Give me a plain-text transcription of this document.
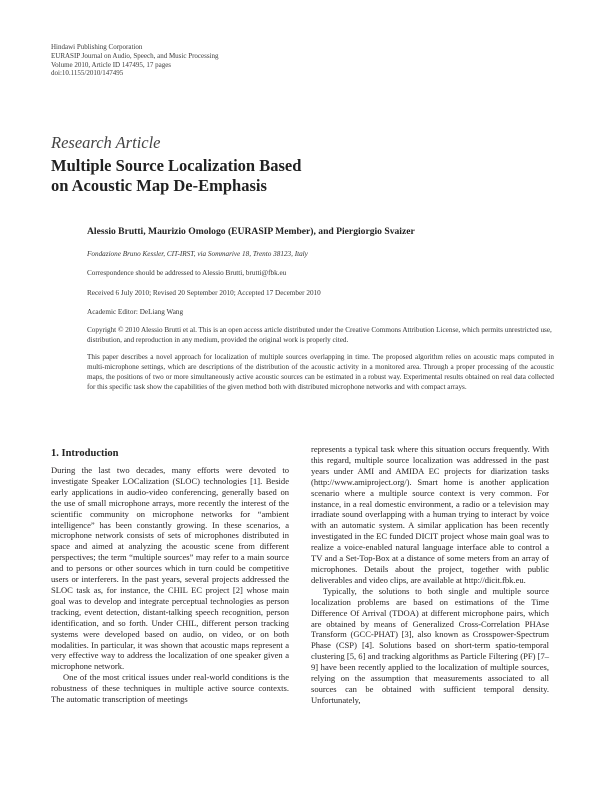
Hindawi Publishing Corporation
EURASIP Journal on Audio, Speech, and Music Processing
Volume 2010, Article ID 147495, 17 pages
doi:10.1155/2010/147495
Research Article
Multiple Source Localization Based
on Acoustic Map De-Emphasis
Alessio Brutti, Maurizio Omologo (EURASIP Member), and Piergiorgio Svaizer
Fondazione Bruno Kessler, CIT-IRST, via Sommarive 18, Trento 38123, Italy
Correspondence should be addressed to Alessio Brutti, brutti@fbk.eu
Received 6 July 2010; Revised 20 September 2010; Accepted 17 December 2010
Academic Editor: DeLiang Wang
Copyright © 2010 Alessio Brutti et al. This is an open access article distributed under the Creative Commons Attribution License, which permits unrestricted use, distribution, and reproduction in any medium, provided the original work is properly cited.
This paper describes a novel approach for localization of multiple sources overlapping in time. The proposed algorithm relies on acoustic maps computed in multi-microphone settings, which are descriptions of the distribution of the acoustic activity in a monitored area. Through a proper processing of the acoustic maps, the positions of two or more simultaneously active acoustic sources can be estimated in a robust way. Experimental results obtained on real data collected for this specific task show the capabilities of the given method both with distributed microphone networks and with compact arrays.
1. Introduction

During the last two decades, many efforts were devoted to investigate Speaker LOCalization (SLOC) technologies [1]. Beside early applications in audio-video conferencing, generally based on the use of small microphone arrays, more recently the interest of the scientific community on microphone networks for “ambient intelligence” has been constantly growing. In these scenarios, a microphone network consists of sets of microphones distributed in space and aimed at analyzing the acoustic scene from different perspectives; the term “multiple sources” may refer to a main source and to persons or other sources which in turn could be competitive users or interferers. In the past years, several projects addressed the SLOC task as, for instance, the CHIL EC project [2] whose main goal was to develop and integrate perceptual technologies as person tracking, event detection, distant-talking speech recognition, person identification, and so forth. Under CHIL, different person tracking systems were developed based on audio, on video, or on both modalities. In particular, it was shown that acoustic maps represent a very effective way to address the localization of one speaker given a microphone network.

One of the most critical issues under real-world conditions is the robustness of these techniques in multiple active source contexts. The automatic transcription of meetings

represents a typical task where this situation occurs frequently. With this regard, multiple source localization was addressed in the past years under AMI and AMIDA EC projects for diarization tasks (http://www.amiproject.org/). Smart home is another application scenario where a multiple source context is very common. For instance, in a real domestic environment, a radio or a television may irradiate sound overlapping with a human trying to interact by voice with an automatic system. A similar application has been recently investigated in the EC funded DICIT project whose main goal was to realize a voice-enabled natural language interface able to control a TV and a Set-Top-Box at a distance of some meters from an array of microphones. Details about the project, together with public deliverables and video clips, are available at http://dicit.fbk.eu.

Typically, the solutions to both single and multiple source localization problems are based on estimations of the Time Difference Of Arrival (TDOA) at different microphone pairs, which are obtained by means of Generalized Cross-Correlation PHAse Transform (GCC-PHAT) [3], also known as Crosspower-Spectrum Phase (CSP) [4]. Solutions based on short-term spatio-temporal clustering [5, 6] and tracking algorithms as Particle Filtering (PF) [7–9] have been recently applied to the localization of multiple sources, relying on the assumption that measurements associated to all sources can be obtained with sufficient temporal density. Unfortunately,
